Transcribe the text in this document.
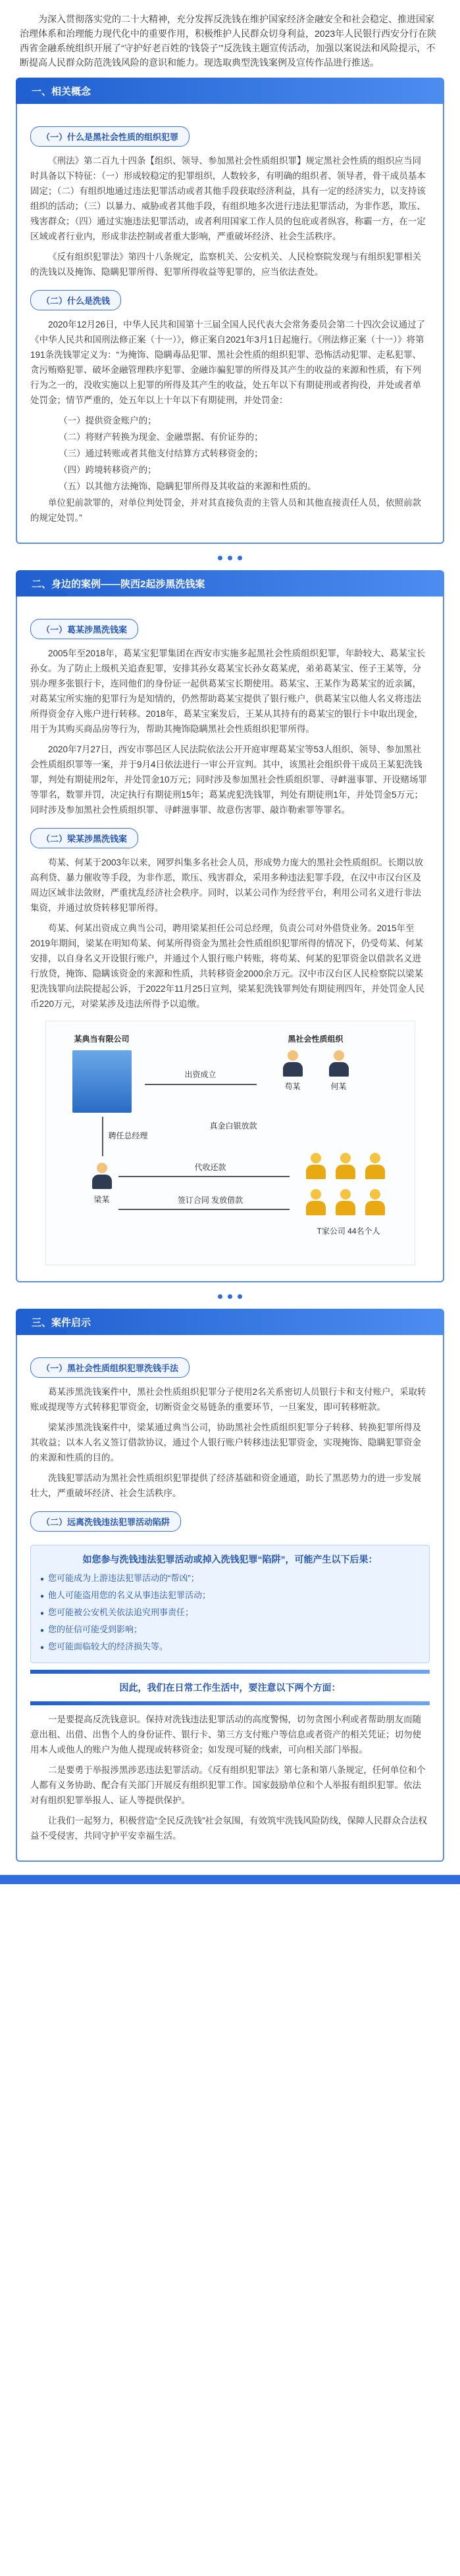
为深入贯彻落实党的二十大精神，充分发挥反洗钱在维护国家经济金融安全和社会稳定、推进国家治理体系和治理能力现代化中的重要作用，积极维护人民群众切身利益，2023年人民银行西安分行在陕西省金融系统组织开展了“守护好老百姓的‘钱袋子’”反洗钱主题宣传活动，加强以案说法和风险提示，不断提高人民群众防范洗钱风险的意识和能力。现选取典型洗钱案例及宣传作品进行推送。
一、相关概念
（一）什么是黑社会性质的组织犯罪

《刑法》第二百九十四条【组织、领导、参加黑社会性质组织罪】规定黑社会性质的组织应当同时具备以下特征：（一）形成较稳定的犯罪组织，人数较多，有明确的组织者、领导者，骨干成员基本固定；（二）有组织地通过违法犯罪活动或者其他手段获取经济利益，具有一定的经济实力，以支持该组织的活动；（三）以暴力、威胁或者其他手段，有组织地多次进行违法犯罪活动，为非作恶，欺压、残害群众；（四）通过实施违法犯罪活动，或者利用国家工作人员的包庇或者纵容，称霸一方，在一定区域或者行业内，形成非法控制或者重大影响，严重破坏经济、社会生活秩序。

《反有组织犯罪法》第四十八条规定，监察机关、公安机关、人民检察院发现与有组织犯罪相关的洗钱以及掩饰、隐瞒犯罪所得、犯罪所得收益等犯罪的，应当依法查处。

（二）什么是洗钱

2020年12月26日，中华人民共和国第十三届全国人民代表大会常务委员会第二十四次会议通过了《中华人民共和国刑法修正案（十一）》，修正案自2021年3月1日起施行。《刑法修正案（十一）》将第191条洗钱罪定义为：“为掩饰、隐瞒毒品犯罪、黑社会性质的组织犯罪、恐怖活动犯罪、走私犯罪、贪污贿赂犯罪、破坏金融管理秩序犯罪、金融诈骗犯罪的所得及其产生的收益的来源和性质，有下列行为之一的，没收实施以上犯罪的所得及其产生的收益，处五年以下有期徒刑或者拘役，并处或者单处罚金；情节严重的，处五年以上十年以下有期徒刑，并处罚金：

（一）提供资金账户的；

（二）将财产转换为现金、金融票据、有价证券的；

（三）通过转账或者其他支付结算方式转移资金的；

（四）跨境转移资产的；

（五）以其他方法掩饰、隐瞒犯罪所得及其收益的来源和性质的。

单位犯前款罪的，对单位判处罚金，并对其直接负责的主管人员和其他直接责任人员，依照前款的规定处罚。”

二、身边的案例——陕西2起涉黑洗钱案
（一）葛某涉黑洗钱案

2005年至2018年，葛某宝犯罪集团在西安市实施多起黑社会性质组织犯罪，年龄较大、葛某宝长孙女。为了防止上级机关追查犯罪，安排其孙女葛某宝长孙女葛某虎，弟弟葛某宝、侄子王某等，分别办理多张银行卡，连同他们的身份证一起供葛某宝长期使用。葛某宝、王某作为葛某宝的近亲属，对葛某宝所实施的犯罪行为是知情的，仍然帮助葛某宝提供了银行账户，供葛某宝以他人名义将违法所得资金存入账户进行转移。2018年，葛某宝案发后，王某从其持有的葛某宝的银行卡中取出现金，用于为其购买商品房等行为，帮助其掩饰隐瞒黑社会性质组织犯罪所得。

2020年7月27日，西安市鄠邑区人民法院依法公开开庭审理葛某宝等53人组织、领导、参加黑社会性质组织罪等一案，并于9月4日依法进行一审公开宣判。其中，该黑社会组织骨干成员王某犯洗钱罪，判处有期徒刑2年，并处罚金10万元；同时涉及参加黑社会性质组织罪、寻衅滋事罪、开设赌场罪等罪名，数罪并罚，决定执行有期徒刑15年；葛某虎犯洗钱罪，判处有期徒刑1年，并处罚金5万元；同时涉及参加黑社会性质组织罪、寻衅滋事罪、故意伤害罪、敲诈勒索罪等罪名。

（二）梁某涉黑洗钱案

苟某、何某于2003年以来，网罗纠集多名社会人员，形成势力庞大的黑社会性质组织。长期以放高利贷、暴力催收等手段，为非作恶，欺压、残害群众，采用多种违法犯罪手段，在汉中市汉台区及周边区域非法敛财，严重扰乱经济社会秩序。同时，以某公司作为经营平台，利用公司名义进行非法集资，并通过放贷转移犯罪所得。

苟某、何某出资成立典当公司，聘用梁某担任公司总经理，负责公司对外借贷业务。2015年至2019年期间，梁某在明知苟某、何某所得资金为黑社会性质组织犯罪所得的情况下，仍受苟某、何某安排，以自身名义开设银行账户，并通过个人银行账户转账，将苟某、何某的犯罪资金以借款名义进行放贷，掩饰、隐瞒该资金的来源和性质，共转移资金2000余万元。汉中市汉台区人民检察院以梁某犯洗钱罪向法院提起公诉，于2022年11月25日宣判，梁某犯洗钱罪判处有期徒刑四年，并处罚金人民币220万元，对梁某涉及违法所得予以追缴。

某典当有限公司	黑社会性质组织
苟某	何某
出资成立
聘任总经理
梁某
真金白银放款
代收还款
签订合同 发放借款
T家公司 44名个人
三、案件启示
（一）黑社会性质组织犯罪洗钱手法

葛某涉黑洗钱案件中，黑社会性质组织犯罪分子使用2名关系密切人员银行卡和支付账户，采取转账或提现等方式转移犯罪资金，切断资金交易链条的重要环节，一旦案发，即可转移赃款。

梁某涉黑洗钱案件中，梁某通过典当公司，协助黑社会性质组织犯罪分子转移、转换犯罪所得及其收益；以本人名义签订借款协议，通过个人银行账户转移违法犯罪资金，实现掩饰、隐瞒犯罪资金的来源和性质的目的。

洗钱犯罪活动为黑社会性质组织犯罪提供了经济基础和资金通道，助长了黑恶势力的进一步发展壮大，严重破坏经济、社会生活秩序。

（二）远离洗钱违法犯罪活动陷阱
如您参与洗钱违法犯罪活动或掉入洗钱犯罪“陷阱”，可能产生以下后果：
● 您可能成为上游违法犯罪活动的“帮凶”；
● 他人可能盗用您的名义从事违法犯罪活动；
● 您可能被公安机关依法追究刑事责任；
● 您的征信可能受到影响；
● 您可能面临较大的经济损失等。
因此，我们在日常工作生活中，要注意以下两个方面：

一是要提高反洗钱意识。保持对洗钱违法犯罪活动的高度警惕，切勿贪图小利或者帮助朋友而随意出租、出借、出售个人的身份证件、银行卡、第三方支付账户等信息或者资产的相关凭证；切勿使用本人或他人的账户为他人提现或转移资金；如发现可疑的线索，可向相关部门举报。

二是要勇于举报涉黑涉恶违法犯罪活动。《反有组织犯罪法》第七条和第八条规定，任何单位和个人都有义务协助、配合有关部门开展反有组织犯罪工作。国家鼓励单位和个人举报有组织犯罪。依法对有组织犯罪举报人、证人等提供保护。

让我们一起努力，积极营造“全民反洗钱”社会氛围，有效筑牢洗钱风险防线，保障人民群众合法权益不受侵害，共同守护平安幸福生活。
